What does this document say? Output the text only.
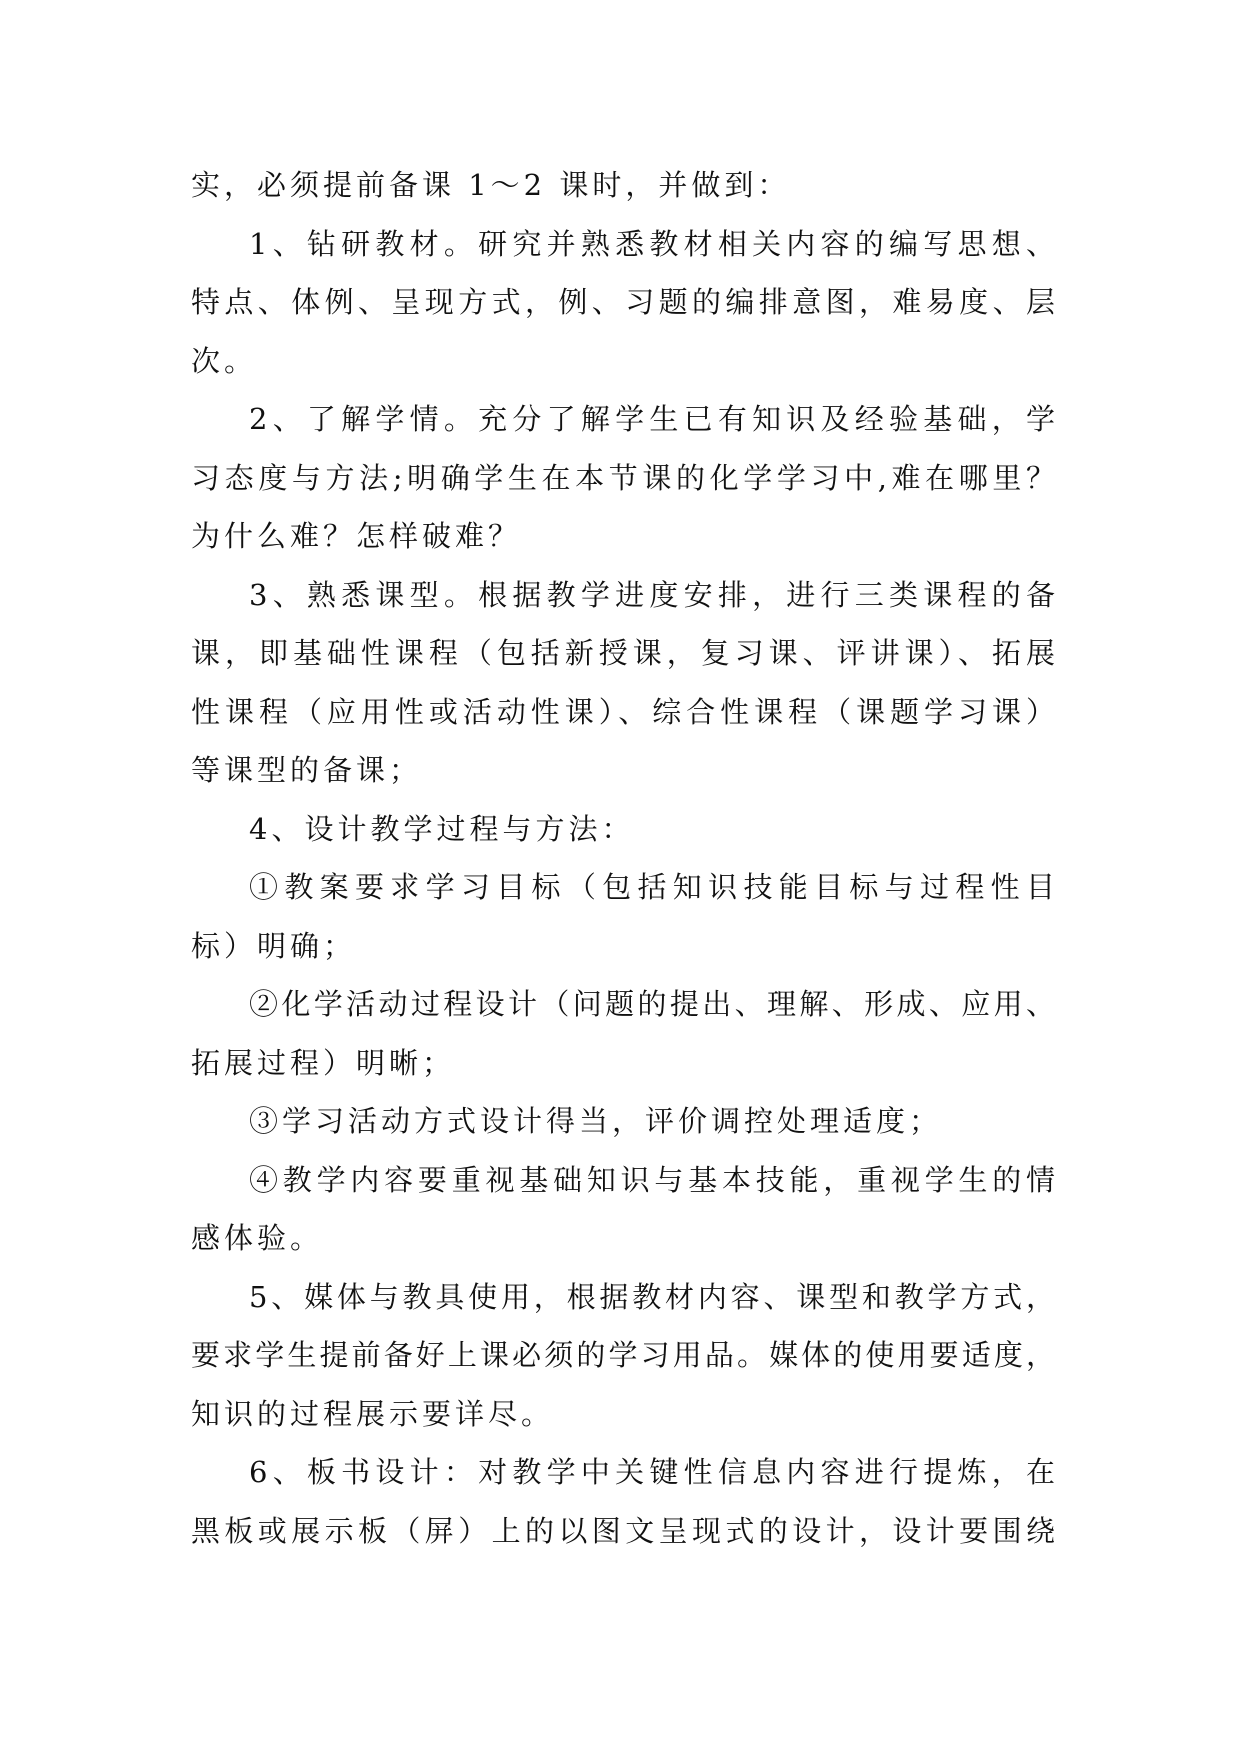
实，必须提前备课 1～2 课时，并做到：
1、钻研教材。研究并熟悉教材相关内容的编写思想、
特点、体例、呈现方式，例、习题的编排意图，难易度、层
次。
2、了解学情。充分了解学生已有知识及经验基础，学
习态度与方法;明确学生在本节课的化学学习中,难在哪里？
为什么难？怎样破难？
3、熟悉课型。根据教学进度安排，进行三类课程的备
课，即基础性课程（包括新授课，复习课、评讲课）、拓展
性课程（应用性或活动性课）、综合性课程（课题学习课）
等课型的备课；
4、设计教学过程与方法：
①教案要求学习目标（包括知识技能目标与过程性目
标）明确；
②化学活动过程设计（问题的提出、理解、形成、应用、
拓展过程）明晰；
③学习活动方式设计得当，评价调控处理适度；
④教学内容要重视基础知识与基本技能，重视学生的情
感体验。
5、媒体与教具使用，根据教材内容、课型和教学方式，
要求学生提前备好上课必须的学习用品。媒体的使用要适度，
知识的过程展示要详尽。
6、板书设计：对教学中关键性信息内容进行提炼，在
黑板或展示板（屏）上的以图文呈现式的设计，设计要围绕
